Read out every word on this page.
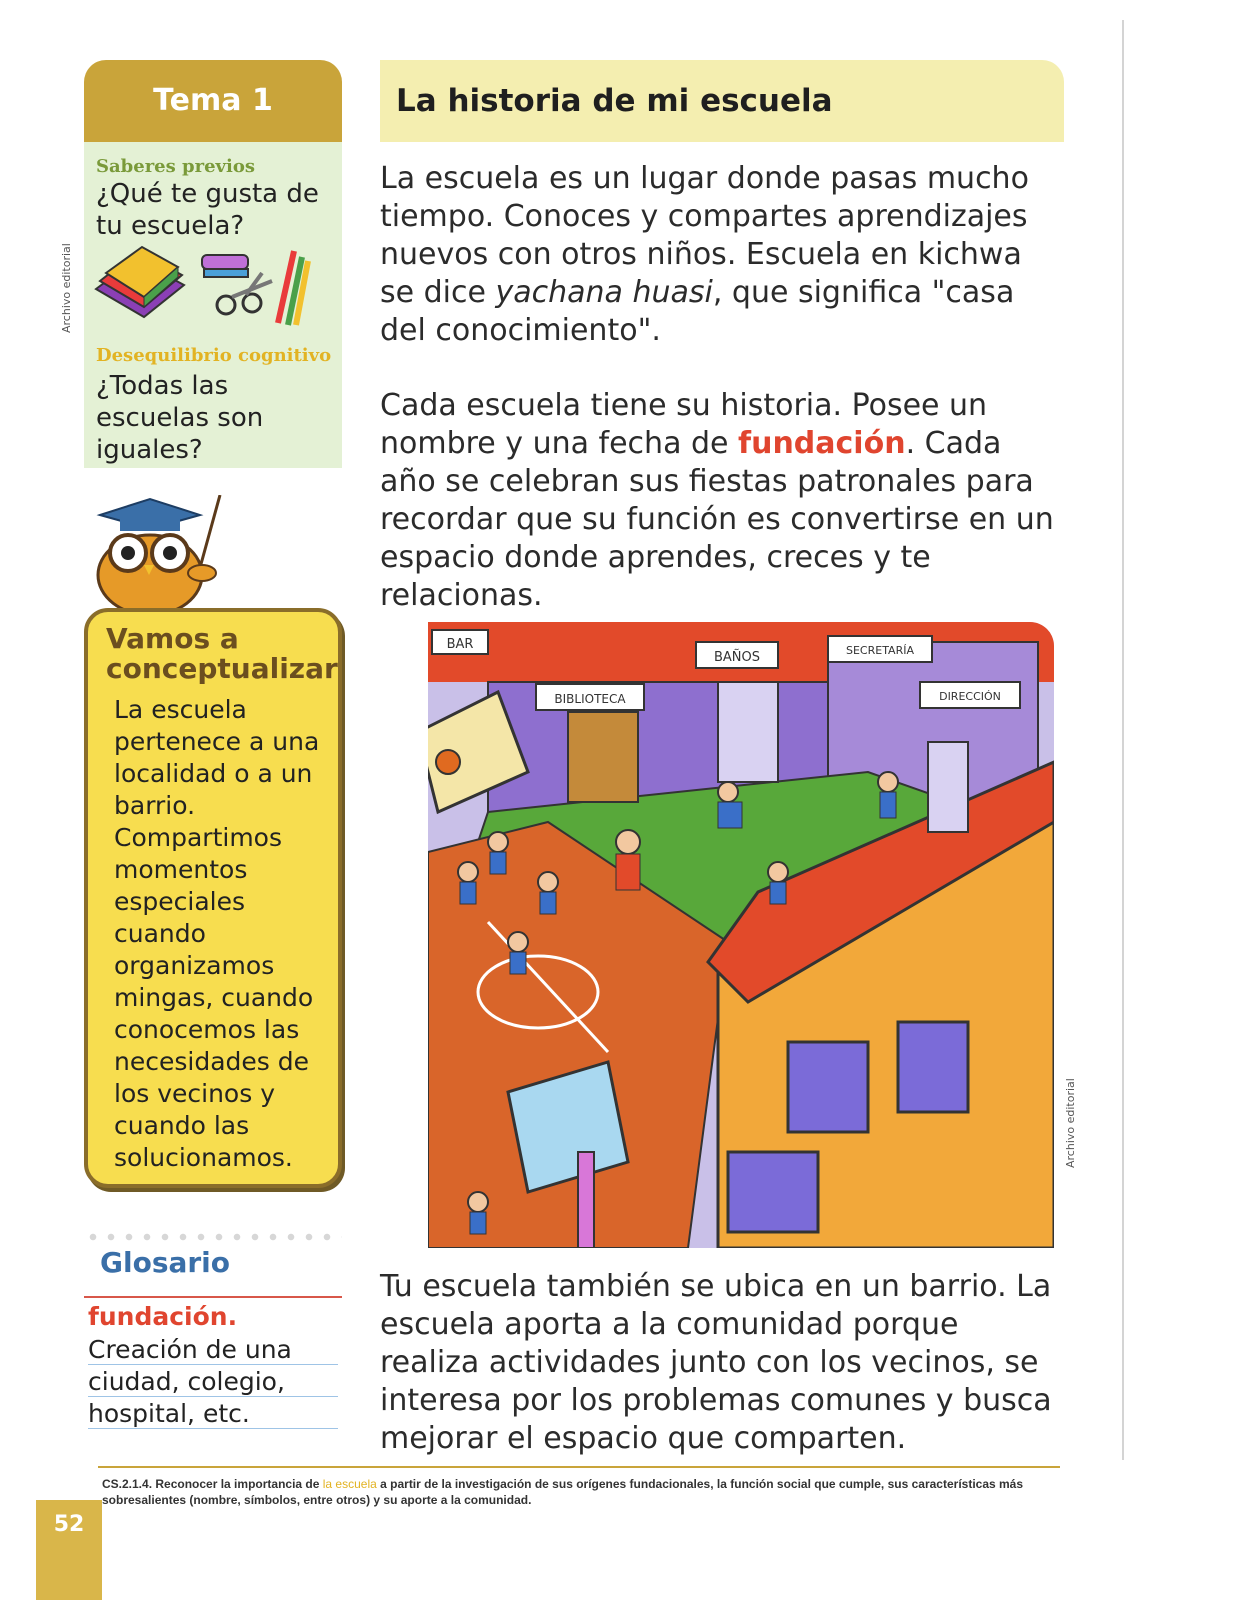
Tema 1
Saberes previos
¿Qué te gusta de tu escuela?
Desequilibrio cognitivo
¿Todas las escuelas son iguales?
Vamos a conceptualizar
La escuela pertenece a una localidad o a un barrio. Compartimos momentos especiales cuando organizamos mingas, cuando conocemos las necesidades de los vecinos y cuando las solucionamos.
Glosario
fundación.
Creación de una ciudad, colegio, hospital, etc.
Archivo editorial
La historia de mi escuela
La escuela es un lugar donde pasas mucho tiempo. Conoces y compartes aprendizajes nuevos con otros niños. Escuela en kichwa se dice yachana huasi, que significa "casa del conocimiento".
Cada escuela tiene su historia. Posee un nombre y una fecha de fundación. Cada año se celebran sus fiestas patronales para recordar que su función es convertirse en un espacio donde aprendes, creces y te relacionas.
BAR
BAÑOS
BIBLIOTECA
SECRETARÍA
DIRECCIÓN
Archivo editorial
Tu escuela también se ubica en un barrio. La escuela aporta a la comunidad porque realiza actividades junto con los vecinos, se interesa por los problemas comunes y busca mejorar el espacio que comparten.
CS.2.1.4. Reconocer la importancia de la escuela a partir de la investigación de sus orígenes fundacionales, la función social que cumple, sus características más sobresalientes (nombre, símbolos, entre otros) y su aporte a la comunidad.
52
